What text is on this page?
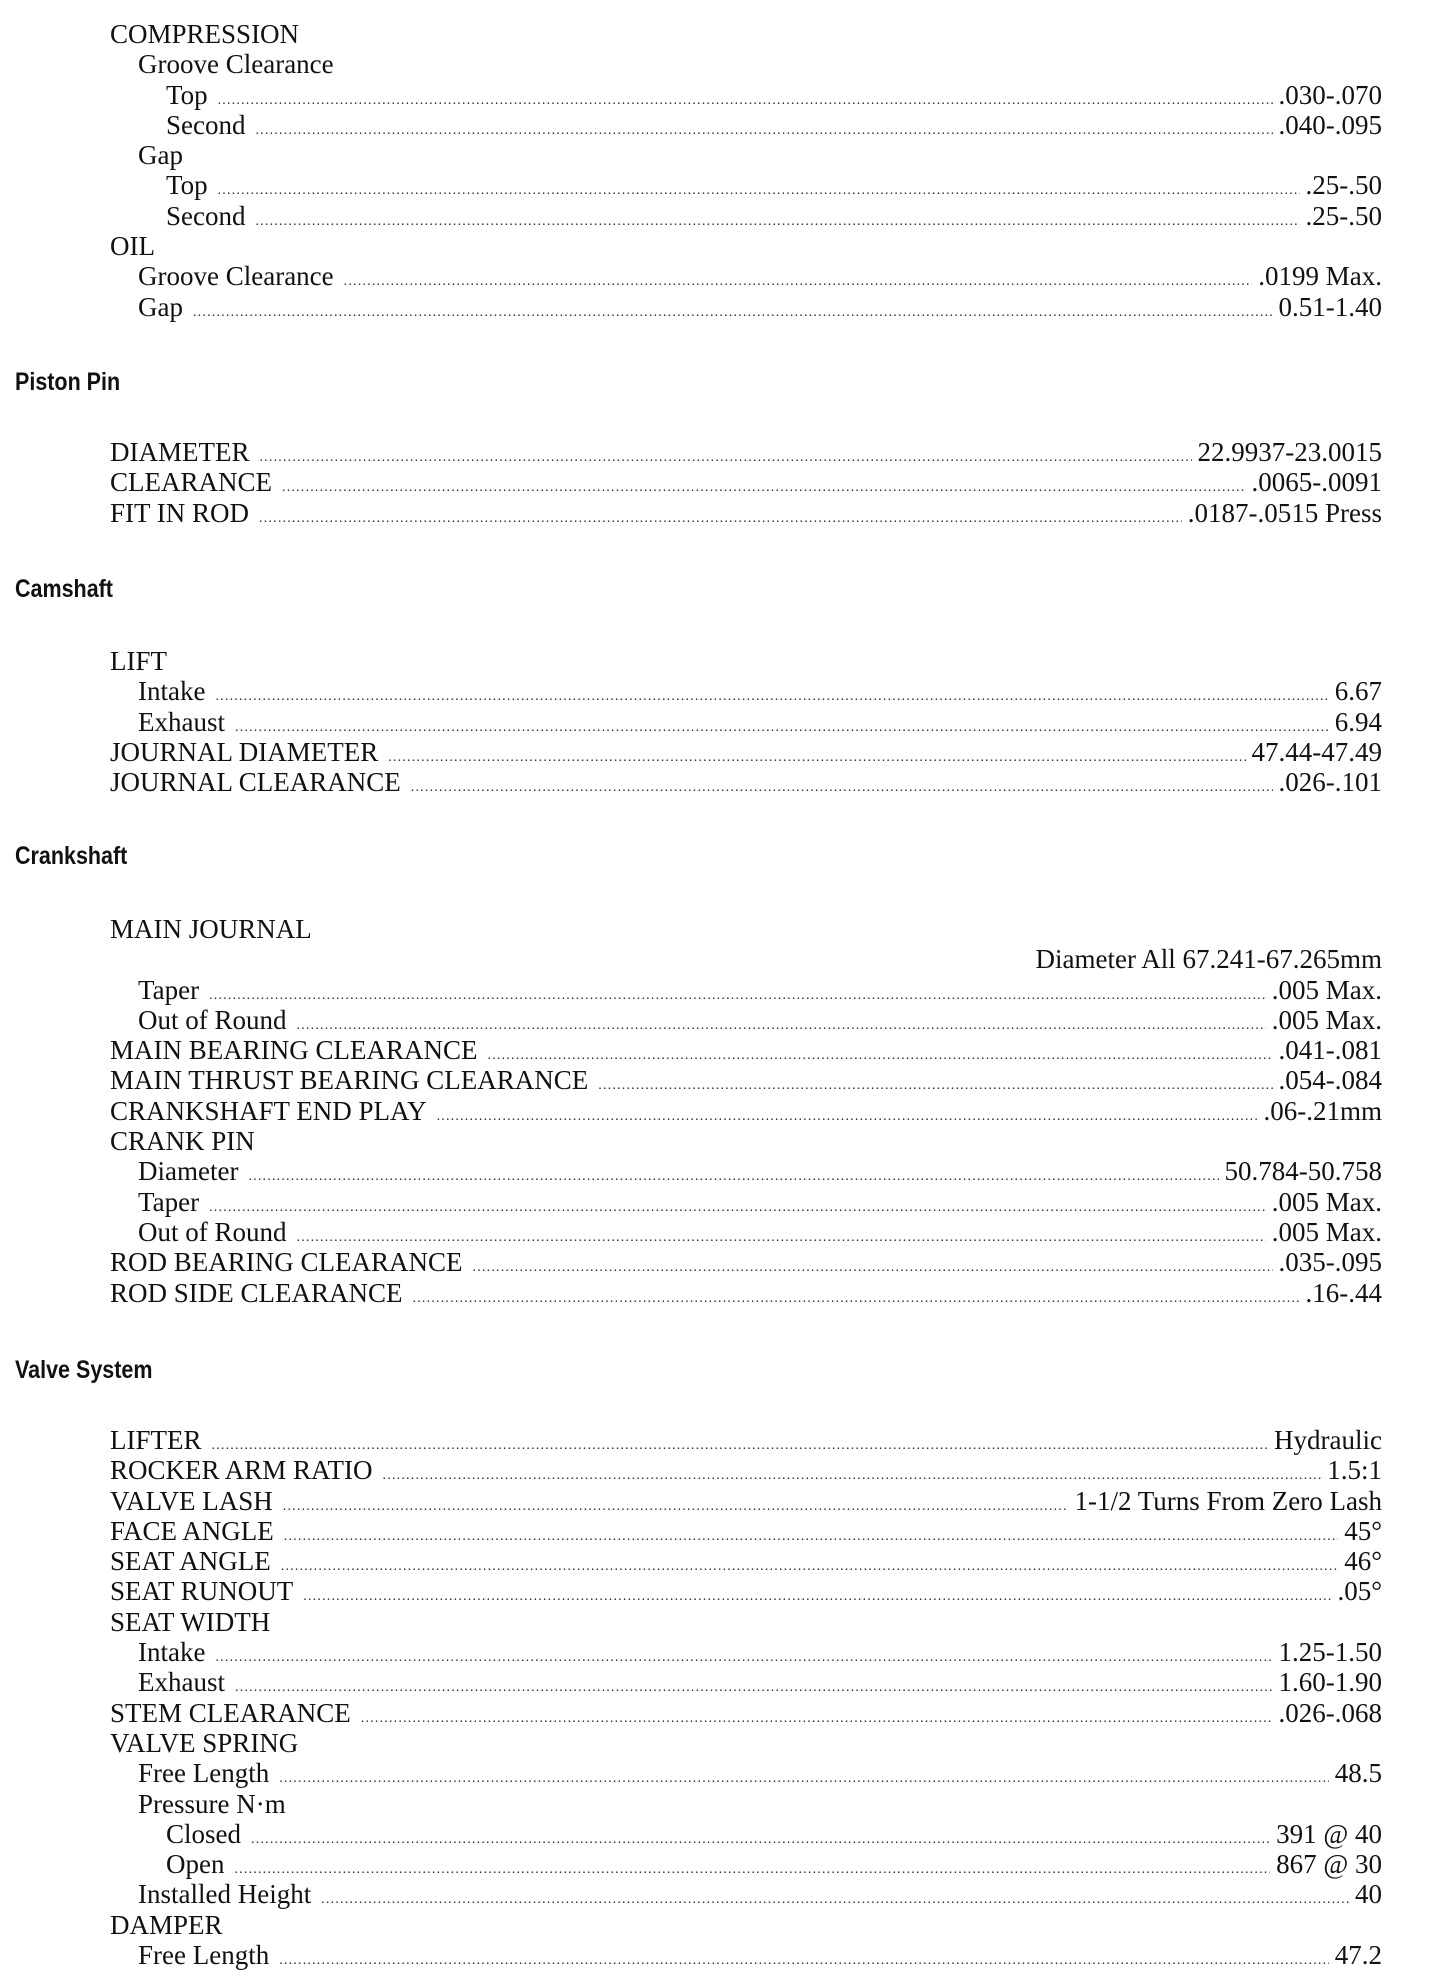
COMPRESSION
Groove Clearance
Top .....	.030-.070
Second .....	.040-.095
Gap
Top .....	.25-.50
Second .....	.25-.50
OIL
Groove Clearance .....	.0199 Max.
Gap .....	0.51-1.40
Piston Pin
DIAMETER .....	22.9937-23.0015
CLEARANCE .....	.0065-.0091
FIT IN ROD .....	.0187-.0515 Press
Camshaft
LIFT
Intake .....	6.67
Exhaust .....	6.94
JOURNAL DIAMETER .....	47.44-47.49
JOURNAL CLEARANCE .....	.026-.101
Crankshaft
MAIN JOURNAL
Diameter All 67.241-67.265mm
Taper .....	.005 Max.
Out of Round .....	.005 Max.
MAIN BEARING CLEARANCE .....	.041-.081
MAIN THRUST BEARING CLEARANCE .....	.054-.084
CRANKSHAFT END PLAY .....	.06-.21mm
CRANK PIN
Diameter .....	50.784-50.758
Taper .....	.005 Max.
Out of Round .....	.005 Max.
ROD BEARING CLEARANCE .....	.035-.095
ROD SIDE CLEARANCE .....	.16-.44
Valve System
LIFTER .....	Hydraulic
ROCKER ARM RATIO .....	1.5:1
VALVE LASH .....	1-1/2 Turns From Zero Lash
FACE ANGLE .....	45°
SEAT ANGLE .....	46°
SEAT RUNOUT .....	.05°
SEAT WIDTH
Intake .....	1.25-1.50
Exhaust .....	1.60-1.90
STEM CLEARANCE .....	.026-.068
VALVE SPRING
Free Length .....	48.5
Pressure N·m
Closed .....	391 @ 40
Open .....	867 @ 30
Installed Height .....	40
DAMPER
Free Length .....	47.2
